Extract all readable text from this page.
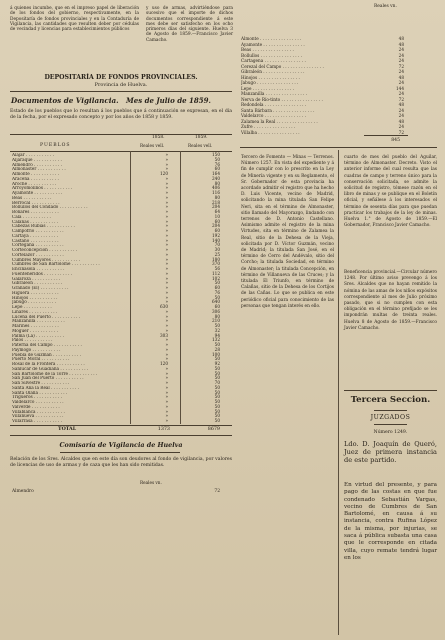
á quienes incumbe, que en el impreso papel de liberación de los fondos del gobierno, respectivamente, en la Depositaría de fondos provinciales y en la Contaduría de Vigilancia, las cantidades que resulten deber por cédulas de vecindad y licencias para establecimientos públicos
y uso de armas, advirtiéndose para sucesivo que el importe de dichos documentos correspondiente á este mes debe ser satisfecho en los ocho primeros días del siguiente. Huelva 3 de Agosto de 1859.—Francisco Javier Camacho.
DEPOSITARÍA DE FONDOS PROVINCIALES.
Provincia de Huelva.
Documentos de Vigilancia.	Mes de Julio de 1859.
Estado de los pueblos que lo resultan á los pueblos que á continuación se expresan, en el día de la fecha, por el expresado concepto y por los años de 1858 y 1859.
1858.	1859.
PUEBLOS	Reales vell.	Reales vell.
Alájar . . . . . . . . . . .	»	150
Aljaraque . . . . . . . . . . .	»	50
Almendro . . . . . . . . . . .	»	76
Almonaster . . . . . . . . . . .	»	60
Almonte . . . . . . . . . . .	120	164
Aracena . . . . . . . . . . .	»	240
Aroche . . . . . . . . . . .	»	80
Arroyomolinos . . . . . . . . . . .	»	406
Ayamonte . . . . . . . . . . .	»	116
Beas . . . . . . . . . . .	»	80
Berrocal . . . . . . . . . . .	»	218
Bollullos del Condado . . . . . . . . . . .	»	204
Bonares . . . . . . . . . . .	»	64
Cala . . . . . . . . . . .	»	10
Calañas . . . . . . . . . . .	»	60
Cabezas Rubias . . . . . . . . . . .	»	204
Campofrío . . . . . . . . . . .	»	60
Cartaya . . . . . . . . . . .	»	192
Castaño . . . . . . . . . . .	»	140
Cortegana . . . . . . . . . . .	»	70
Corteconcepción . . . . . . . . . . .	»	30
Cortelazor . . . . . . . . . . .	»	25
Cumbres Mayores . . . . . . . . . . .	»	180
Cumbres de San Bartolomé . . . . . . . . . . .	»	370
Encinasola . . . . . . . . . . .	»	56
Fuenteheridos . . . . . . . . . . .	»	112
Galaroza . . . . . . . . . . .	»	102
Gibraleón . . . . . . . . . . .	»	50
Granado (El) . . . . . . . . . . .	»	60
Higuera . . . . . . . . . . .	»	76
Hinojos . . . . . . . . . . .	»	50
Jabugo . . . . . . . . . . .	»	640
Lepe . . . . . . . . . . .	630	60
Linares . . . . . . . . . . .	»	306
Lucena del Puerto . . . . . . . . . . .	»	80
Manzanilla . . . . . . . . . . .	»	210
Marines . . . . . . . . . . .	»	50
Moguer . . . . . . . . . . .	»	32
Palma (La) . . . . . . . . . . .	303	94
Palos . . . . . . . . . . .	»	132
Paterna del Campo . . . . . . . . . . .	»	50
Paymogo . . . . . . . . . . .	»	28
Puebla de Guzmán . . . . . . . . . . .	»	100
Puerto Moral . . . . . . . . . . .	»	50
Rosal de la Frontera . . . . . . . . . . .	120	92
Sanlúcar de Guadiana . . . . . . . . . . .	»	50
San Bartolomé de la Torre . . . . . . . . . . .	»	50
San Juan del Puerto . . . . . . . . . . .	»	50
San Silvestre . . . . . . . . . . .	»	70
Santa Ana la Real . . . . . . . . . . .	»	50
Santa Olalla . . . . . . . . . . .	»	50
Trigueros . . . . . . . . . . .	»	50
Valdelarco . . . . . . . . . . .	»	50
Valverde . . . . . . . . . . .	»	50
Villablanca . . . . . . . . . . .	»	50
Villanueva . . . . . . . . . . .	»	50
Villarrasa . . . . . . . . . . .	»	50
TOTAL	1373	8679
Comisaría de Vigilancia de Huelva
Relación de los Sres. Alcaldes que en este día son deudores al fondo de vigilancia, por valores de licencias de uso de armas y de caza que les han sido remitidas.
Reales vn.
Almendro	72
Reales vn.
Almonte . . . . . . . . . . . . . . . .	48
Ayamonte . . . . . . . . . . . . . . . .	48
Beas . . . . . . . . . . . . . . . .	24
Bollullos . . . . . . . . . . . . . . . .	24
Cartagena . . . . . . . . . . . . . . . .	24
Cerezal del Campo . . . . . . . . . . . . . . . .	72
Gibraleón . . . . . . . . . . . . . . . .	24
Hinojos . . . . . . . . . . . . . . . .	48
Jabugo . . . . . . . . . . . . . . . .	24
Lepe . . . . . . . . . . . . . . . .	144
Manzanilla . . . . . . . . . . . . . . . .	24
Nerva de Río-tinto . . . . . . . . . . . . . . . .	72
Redondela . . . . . . . . . . . . . . . .	48
Santa Bárbara . . . . . . . . . . . . . . . .	24
Valdelarco . . . . . . . . . . . . . . . .	24
Zalamea la Real . . . . . . . . . . . . . . . .	48
Zufre . . . . . . . . . . . . . . . .	24
Villalba . . . . . . . . . . . . . . . .	72
845
Tercero de Fomento — Minas — Terrenos. Número 1257. En vista del expediente y á fin de cumplir con lo prescrito en la Ley de Minería vigente y en su Reglamento, el Sr. Gobernador de esta provincia ha acordado admitir el registro que ha hecho D. Luis Vicente, vecino de Madrid, solicitando la mina titulada San Felipe Neri, sita en el término de Almonaster, sitio llamado del Mayorazgo, lindando con terrenos de D. Antonio Castellano. Asimismo admite el registro de la mina Virtudes, sita en término de Zalamea la Real, sitio de la Dehesa de la Vieja, solicitada por D. Víctor Guzmán, vecino de Madrid; la titulada San José, en el término de Cerro del Andévalo, sitio del Corcho; la titulada Sociedad, en término de Almonaster; la titulada Concepción, en término de Villanueva de las Cruces; y la titulada El Triunfo, en término de Calañas, sitio de la Dehesa de los Cortijos de las Cañas. Lo que se publica en este periódico oficial para conocimiento de las personas que tengan interés en ello.
cuarto de mes del pueblo del Aguilar, término de Almonaster. Decreto. Visto el anterior informe del cual resulta que las cuadras de campo y terreno único para la conservación solicitada, se admite la solicitud de registro, tómese razón en el libro de minas y se publique en el Boletín oficial, y señálese á los interesados el término de sesenta días para que puedan practicar los trabajos de la ley de minas. Huelva 1.° de Agosto de 1859.—El Gobernador, Francisco Javier Camacho.
Beneficencia provincial.—Circular número 1248. Por último aviso prevengo á los Sres. Alcaldes que no hayan remitido la nómina de las amas de los niños expósitos correspondiente al mes de Julio próximo pasado, que si no cumplen con esta obligación en el término prefijado se les impondrán multas de treinta reales. Huelva 8 de Agosto de 1859.—Francisco Javier Camacho.
Tercera Seccion.
JUZGADOS
Número 1249.
Ldo. D. Joaquín de Queró, Juez de primera instancia de este partido.
En virtud del presente, y para pago de las costas en que fue condenado Sebastián Vargas, vecino de Cumbres de San Bartolomé, en causa á su instancia, contra Rufina López de la misma, por injurias, se saca á pública subasta una casa que le corresponde en citada villa, cuyo remate tendrá lugar en los
